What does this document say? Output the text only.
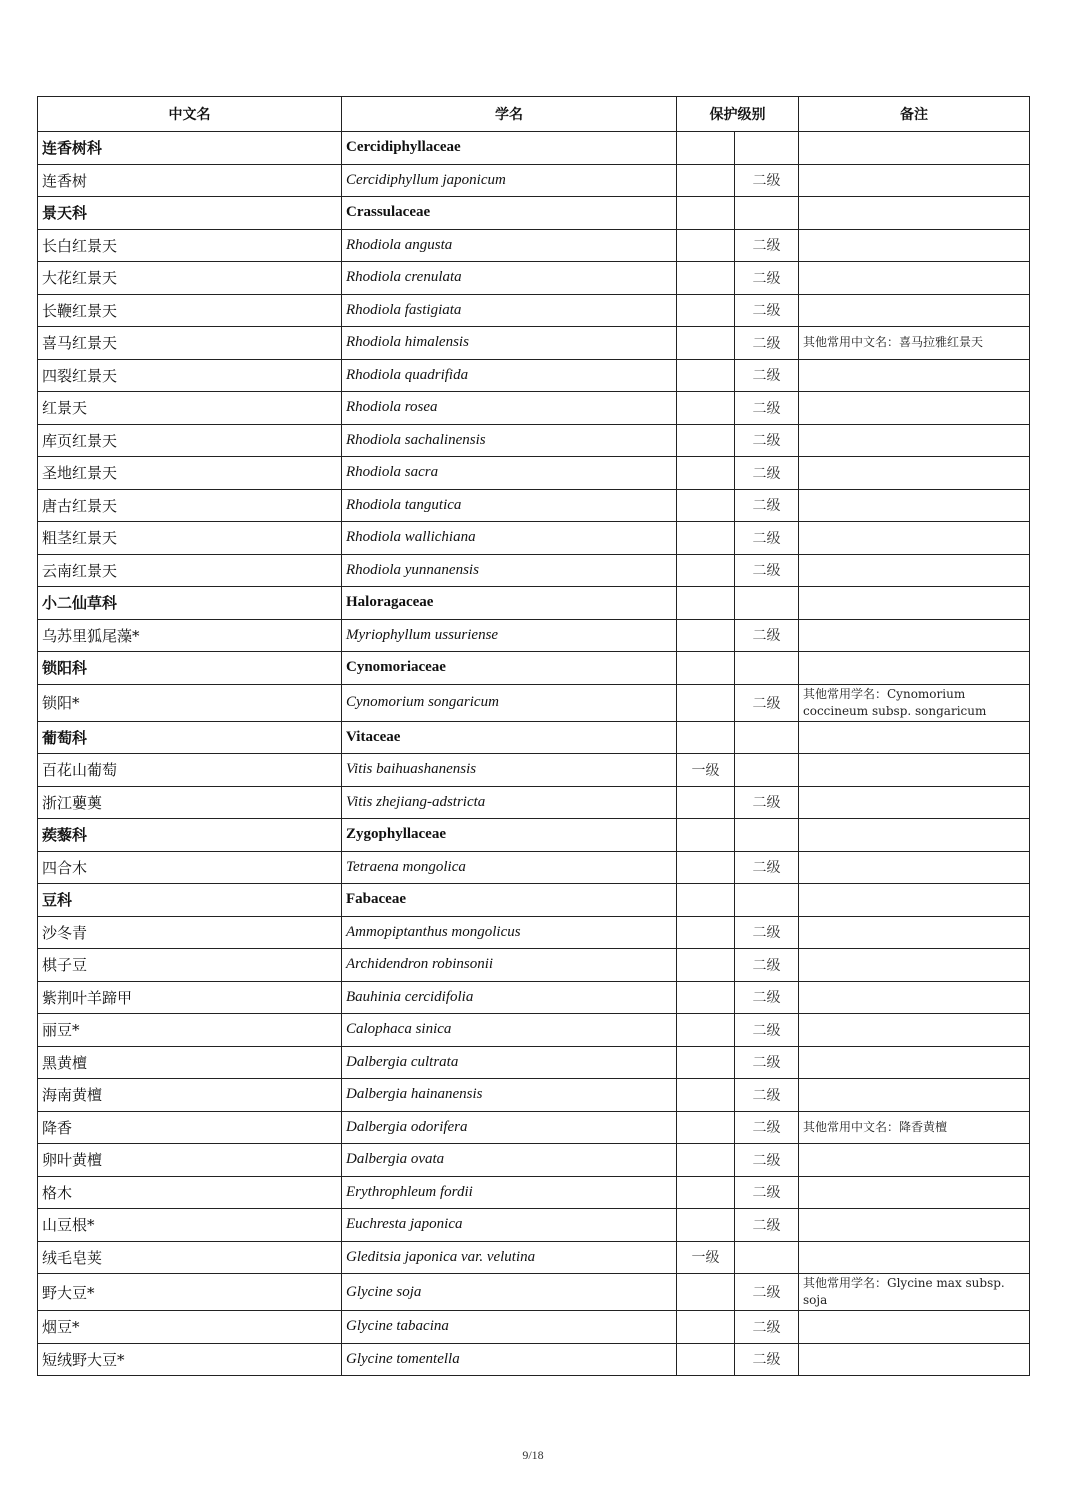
中文名	学名	保护级别		备注
连香树科	Cercidiphyllaceae			
连香树	Cercidiphyllum japonicum		二级	
景天科	Crassulaceae			
长白红景天	Rhodiola angusta		二级	
大花红景天	Rhodiola crenulata		二级	
长鞭红景天	Rhodiola fastigiata		二级	
喜马红景天	Rhodiola himalensis		二级	其他常用中文名：喜马拉雅红景天
四裂红景天	Rhodiola quadrifida		二级	
红景天	Rhodiola rosea		二级	
库页红景天	Rhodiola sachalinensis		二级	
圣地红景天	Rhodiola sacra		二级	
唐古红景天	Rhodiola tangutica		二级	
粗茎红景天	Rhodiola wallichiana		二级	
云南红景天	Rhodiola yunnanensis		二级	
小二仙草科	Haloragaceae			
乌苏里狐尾藻*	Myriophyllum ussuriense		二级	
锁阳科	Cynomoriaceae			
锁阳*	Cynomorium songaricum		二级	其他常用学名：Cynomorium coccineum subsp. songaricum
葡萄科	Vitaceae			
百花山葡萄	Vitis baihuashanensis	一级		
浙江蘡薁	Vitis zhejiang-adstricta		二级	
蒺藜科	Zygophyllaceae			
四合木	Tetraena mongolica		二级	
豆科	Fabaceae			
沙冬青	Ammopiptanthus mongolicus		二级	
棋子豆	Archidendron robinsonii		二级	
紫荆叶羊蹄甲	Bauhinia cercidifolia		二级	
丽豆*	Calophaca sinica		二级	
黑黄檀	Dalbergia cultrata		二级	
海南黄檀	Dalbergia hainanensis		二级	
降香	Dalbergia odorifera		二级	其他常用中文名：降香黄檀
卵叶黄檀	Dalbergia ovata		二级	
格木	Erythrophleum fordii		二级	
山豆根*	Euchresta japonica		二级	
绒毛皂荚	Gleditsia japonica var. velutina	一级		
野大豆*	Glycine soja		二级	其他常用学名：Glycine max subsp. soja
烟豆*	Glycine tabacina		二级	
短绒野大豆*	Glycine tomentella		二级	
9/18
